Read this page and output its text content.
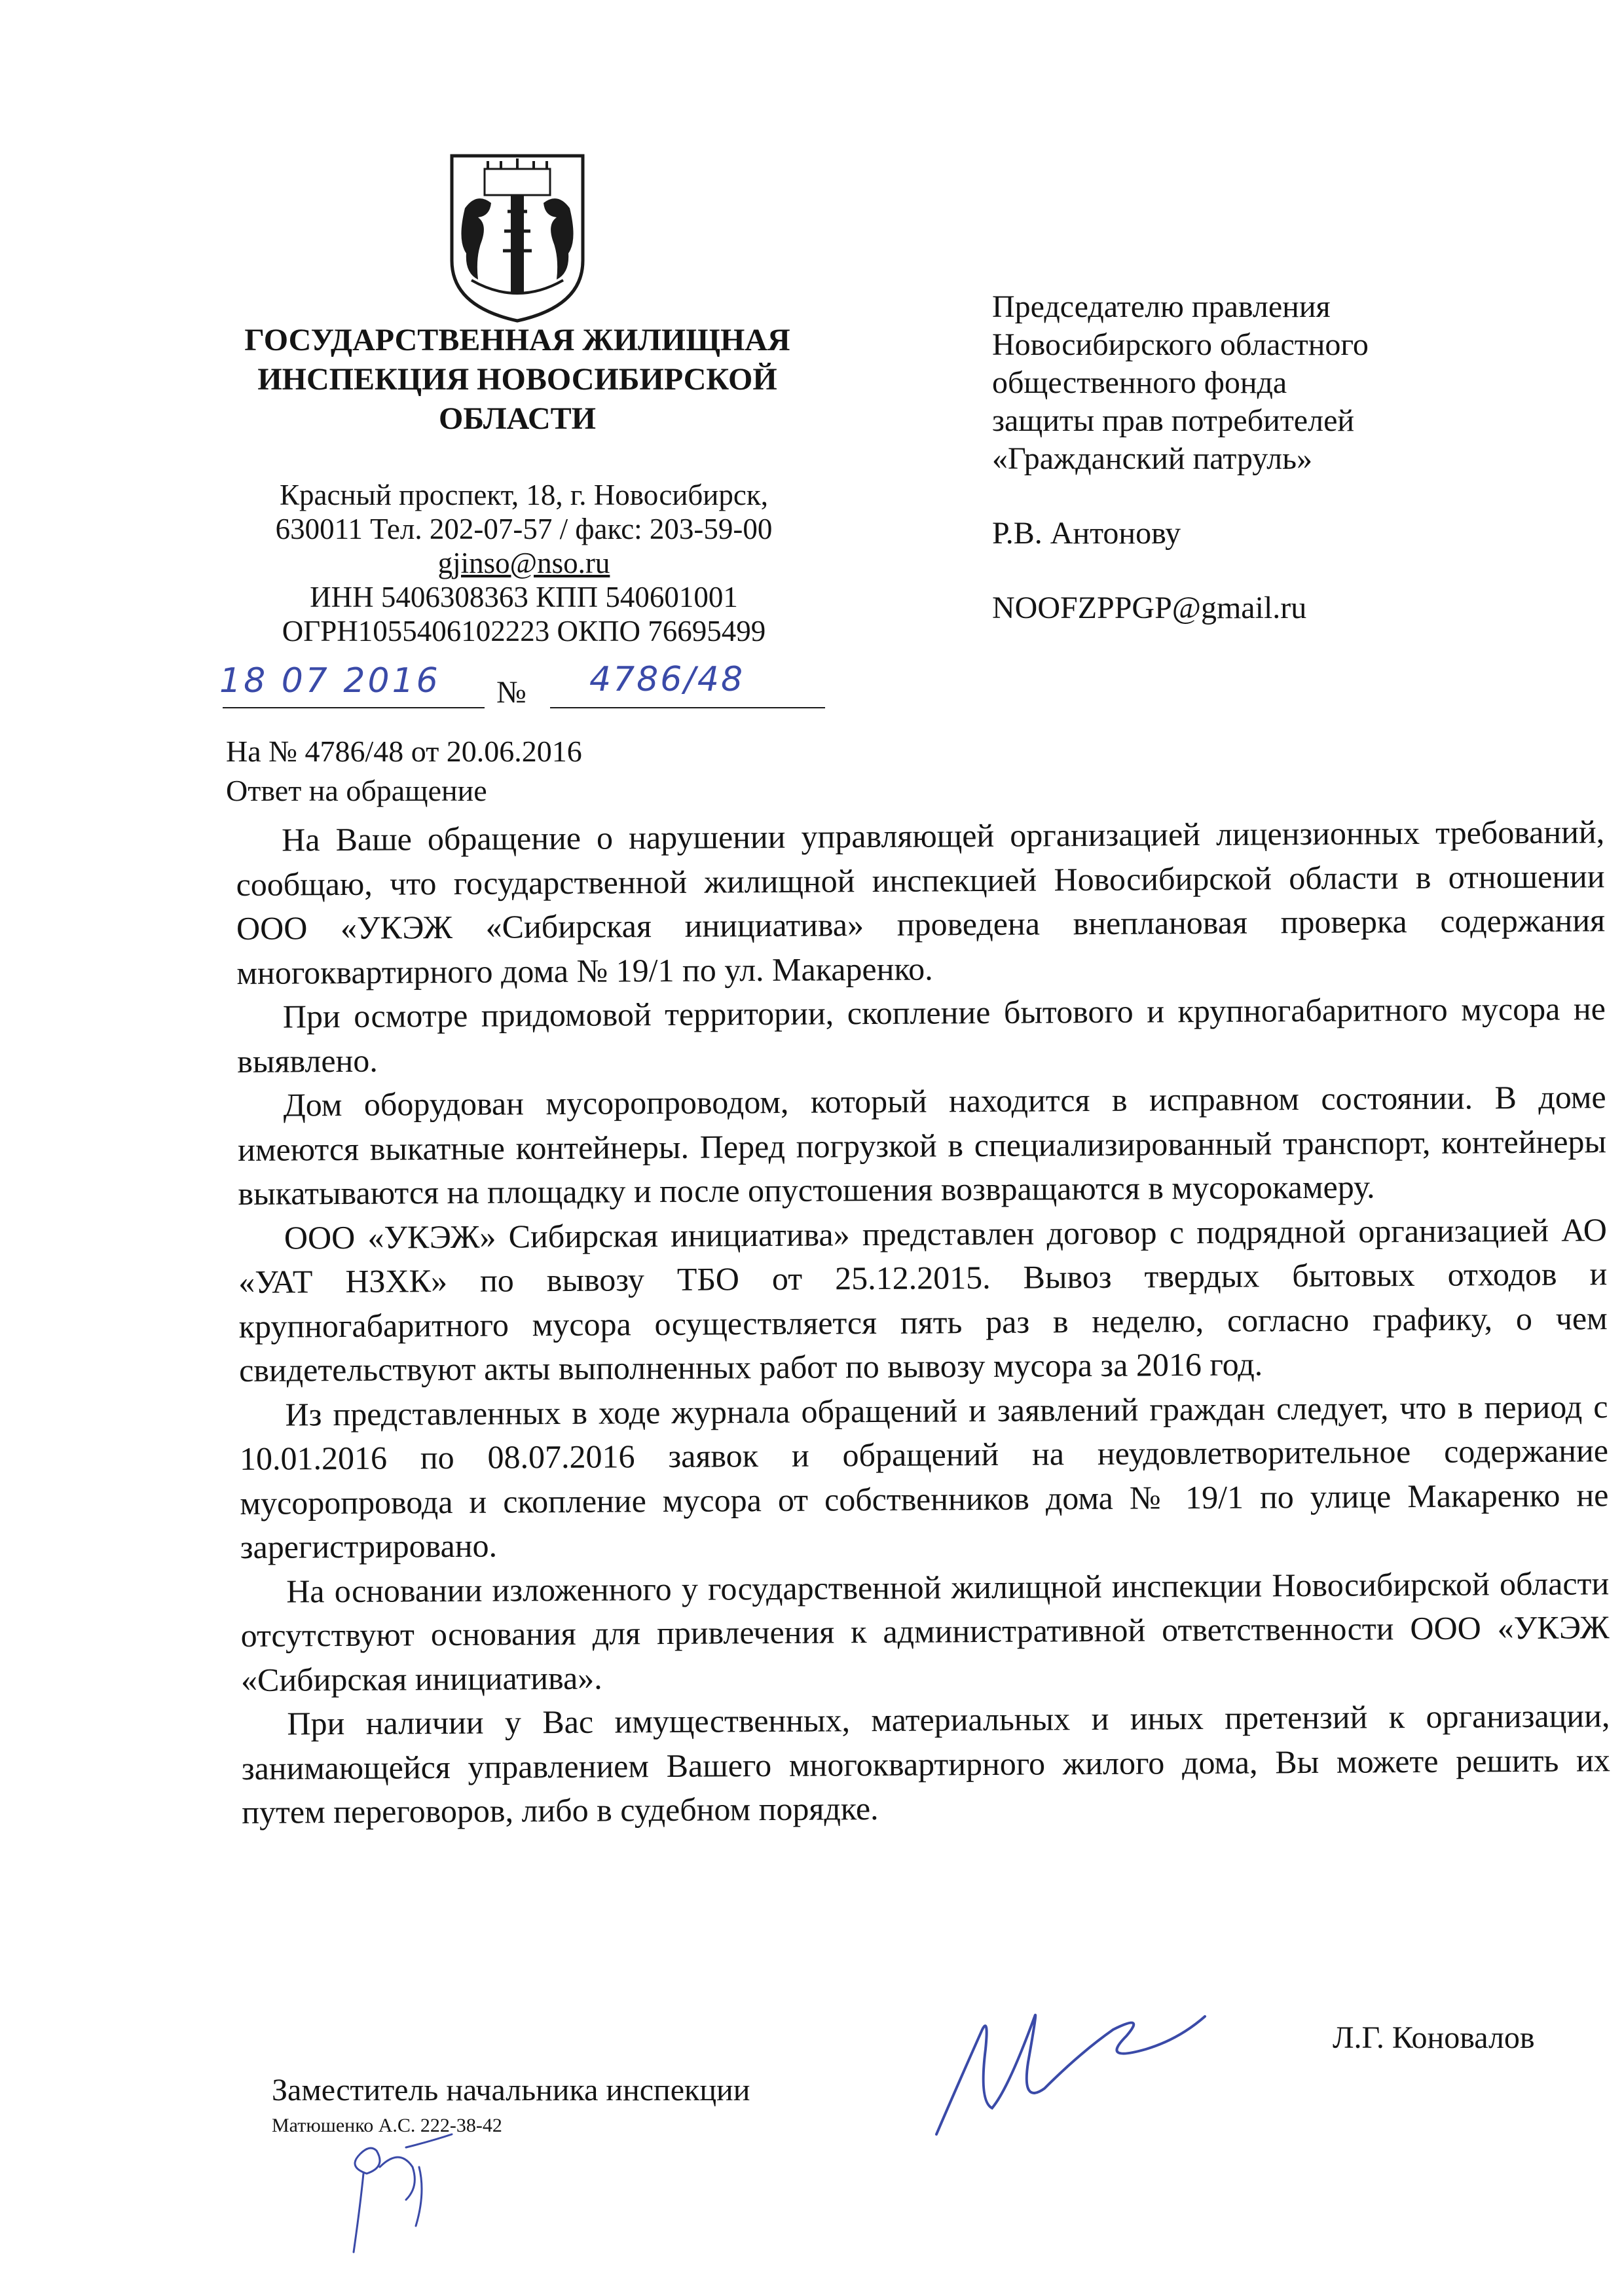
ГОСУДАРСТВЕННАЯ ЖИЛИЩНАЯ
ИНСПЕКЦИЯ НОВОСИБИРСКОЙ
ОБЛАСТИ
Красный проспект, 18, г. Новосибирск,
630011 Тел. 202-07-57 / факс: 203-59-00
gjinso@nso.ru
ИНН 5406308363 КПП 540601001
ОГРН1055406102223 ОКПО 76695499
18 07 2016 № 4786/48
На № 4786/48 от 20.06.2016
Ответ на обращение
Председателю правления
Новосибирского областного
общественного фонда
защиты прав потребителей
«Гражданский патруль»
Р.В. Антонову
NOOFZPPGP@gmail.ru

На Ваше обращение о нарушении управляющей организацией лицензионных требований, сообщаю, что государственной жилищной инспекцией Новосибирской области в отношении ООО «УКЭЖ «Сибирская инициатива» проведена внеплановая проверка содержания многоквартирного дома № 19/1 по ул. Макаренко.

При осмотре придомовой территории, скопление бытового и крупногабаритного мусора не выявлено.

Дом оборудован мусоропроводом, который находится в исправном состоянии. В доме имеются выкатные контейнеры. Перед погрузкой в специализированный транспорт, контейнеры выкатываются на площадку и после опустошения возвращаются в мусорокамеру.

ООО «УКЭЖ» Сибирская инициатива» представлен договор с подрядной организацией АО «УАТ НЗХК» по вывозу ТБО от 25.12.2015. Вывоз твердых бытовых отходов и крупногабаритного мусора осуществляется пять раз в неделю, согласно графику, о чем свидетельствуют акты выполненных работ по вывозу мусора за 2016 год.

Из представленных в ходе журнала обращений и заявлений граждан следует, что в период с 10.01.2016 по 08.07.2016 заявок и обращений на неудовлетворительное содержание мусоропровода и скопление мусора от собственников дома № 19/1 по улице Макаренко не зарегистрировано.

На основании изложенного у государственной жилищной инспекции Новосибирской области отсутствуют основания для привлечения к административной ответственности ООО «УКЭЖ «Сибирская инициатива».

При наличии у Вас имущественных, материальных и иных претензий к организации, занимающейся управлением Вашего многоквартирного жилого дома, Вы можете решить их путем переговоров, либо в судебном порядке.

Заместитель начальника инспекции
Л.Г. Коновалов
Матюшенко А.С. 222-38-42
